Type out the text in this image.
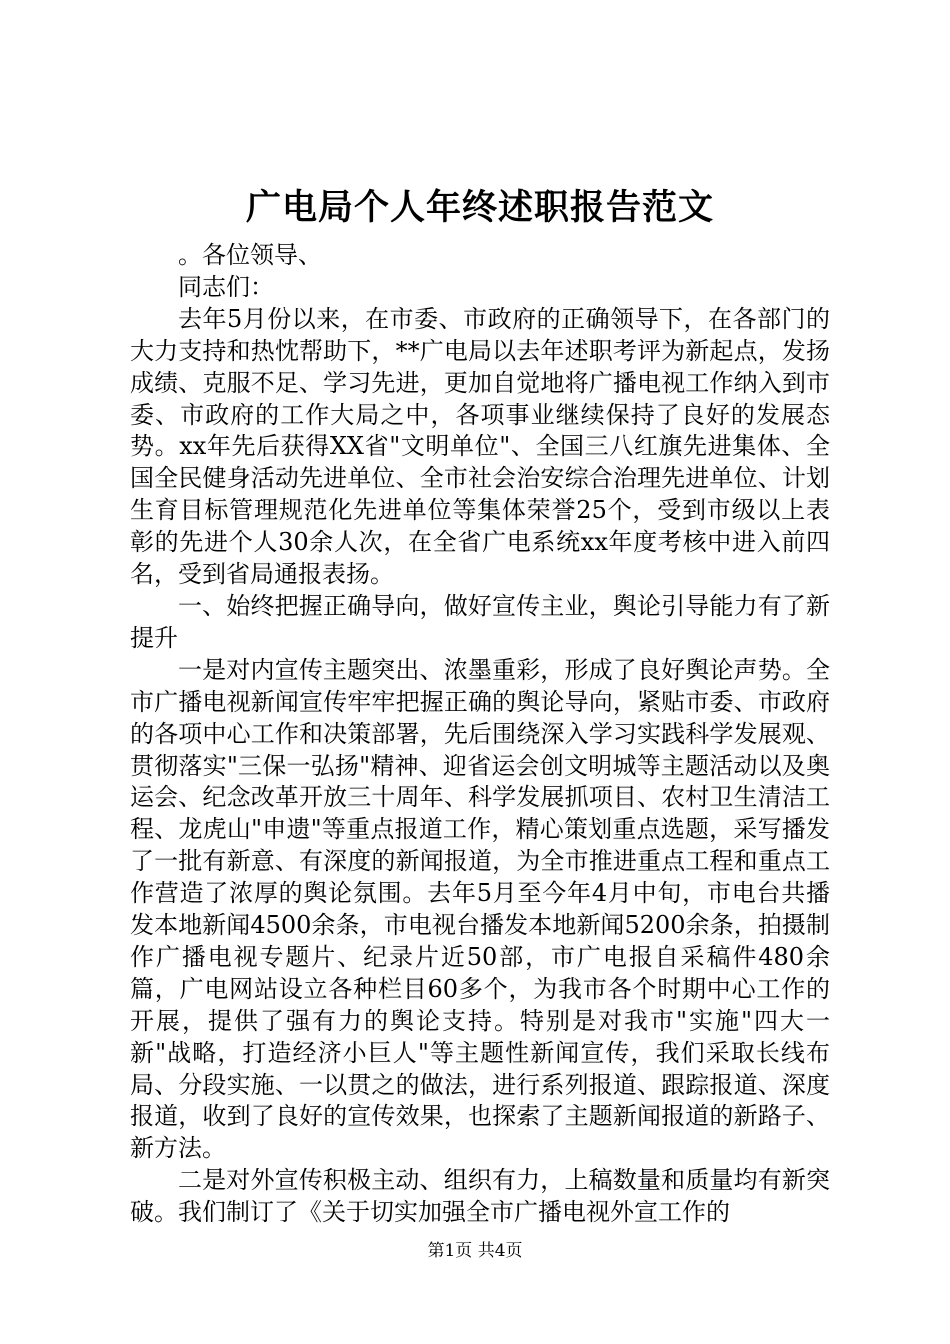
广电局个人年终述职报告范文

。各位领导、

同志们：

去年5月份以来，在市委、市政府的正确领导下，在各部门的大力支持和热忱帮助下，**广电局以去年述职考评为新起点，发扬成绩、克服不足、学习先进，更加自觉地将广播电视工作纳入到市委、市政府的工作大局之中，各项事业继续保持了良好的发展态势。xx年先后获得XX省"文明单位"、全国三八红旗先进集体、全国全民健身活动先进单位、全市社会治安综合治理先进单位、计划生育目标管理规范化先进单位等集体荣誉25个，受到市级以上表彰的先进个人30余人次，在全省广电系统xx年度考核中进入前四名，受到省局通报表扬。

一、始终把握正确导向，做好宣传主业，舆论引导能力有了新提升

一是对内宣传主题突出、浓墨重彩，形成了良好舆论声势。全市广播电视新闻宣传牢牢把握正确的舆论导向，紧贴市委、市政府的各项中心工作和决策部署，先后围绕深入学习实践科学发展观、贯彻落实"三保一弘扬"精神、迎省运会创文明城等主题活动以及奥运会、纪念改革开放三十周年、科学发展抓项目、农村卫生清洁工程、龙虎山"申遗"等重点报道工作，精心策划重点选题，采写播发了一批有新意、有深度的新闻报道，为全市推进重点工程和重点工作营造了浓厚的舆论氛围。去年5月至今年4月中旬，市电台共播发本地新闻4500余条，市电视台播发本地新闻5200余条，拍摄制作广播电视专题片、纪录片近50部，市广电报自采稿件480余篇，广电网站设立各种栏目60多个，为我市各个时期中心工作的开展，提供了强有力的舆论支持。特别是对我市"实施"四大一新"战略，打造经济小巨人"等主题性新闻宣传，我们采取长线布局、分段实施、一以贯之的做法，进行系列报道、跟踪报道、深度报道，收到了良好的宣传效果，也探索了主题新闻报道的新路子、新方法。

二是对外宣传积极主动、组织有力，上稿数量和质量均有新突破。我们制订了《关于切实加强全市广播电视外宣工作的

第1页 共4页
